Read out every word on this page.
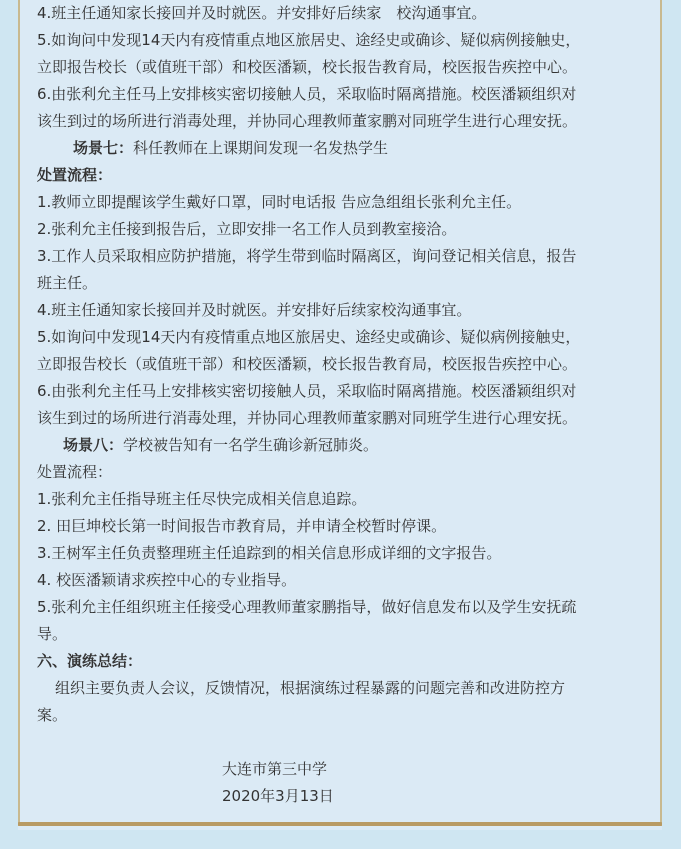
4.班主任通知家长接回并及时就医。并安排好后续家　校沟通事宜。
5.如询问中发现14天内有疫情重点地区旅居史、途经史或确诊、疑似病例接触史，
立即报告校长（或值班干部）和校医潘颖，校长报告教育局，校医报告疾控中心。
6.由张利允主任马上安排核实密切接触人员，采取临时隔离措施。校医潘颖组织对
该生到过的场所进行消毒处理，并协同心理教师董家鹏对同班学生进行心理安抚。
场景七：科任教师在上课期间发现一名发热学生
处置流程：
1.教师立即提醒该学生戴好口罩，同时电话报 告应急组组长张利允主任。
2.张利允主任接到报告后，立即安排一名工作人员到教室接洽。
3.工作人员采取相应防护措施，将学生带到临时隔离区，询问登记相关信息，报告
班主任。
4.班主任通知家长接回并及时就医。并安排好后续家校沟通事宜。
5.如询问中发现14天内有疫情重点地区旅居史、途经史或确诊、疑似病例接触史，
立即报告校长（或值班干部）和校医潘颖，校长报告教育局，校医报告疾控中心。
6.由张利允主任马上安排核实密切接触人员，采取临时隔离措施。校医潘颖组织对
该生到过的场所进行消毒处理，并协同心理教师董家鹏对同班学生进行心理安抚。
场景八：学校被告知有一名学生确诊新冠肺炎。
处置流程：
1.张利允主任指导班主任尽快完成相关信息追踪。
2. 田巨坤校长第一时间报告市教育局，并申请全校暂时停课。
3.王树军主任负责整理班主任追踪到的相关信息形成详细的文字报告。
4. 校医潘颖请求疾控中心的专业指导。
5.张利允主任组织班主任接受心理教师董家鹏指导，做好信息发布以及学生安抚疏
导。
六、演练总结：
组织主要负责人会议，反馈情况，根据演练过程暴露的问题完善和改进防控方
案。
大连市第三中学
2020年3月13日
